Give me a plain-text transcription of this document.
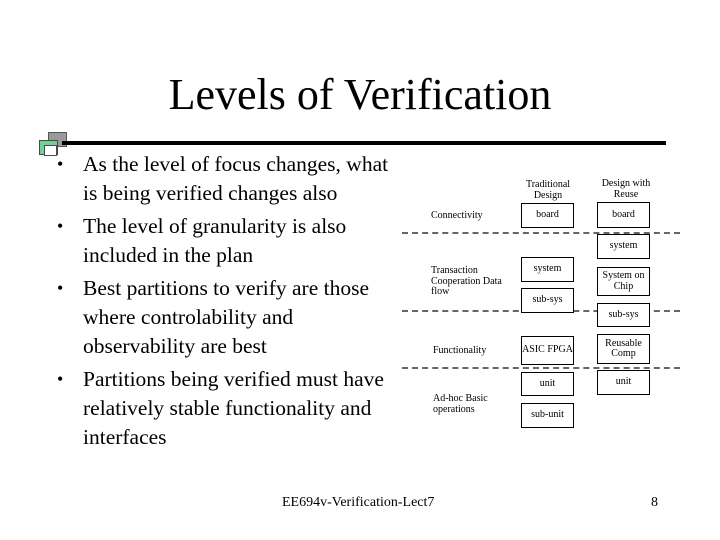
Levels of Verification
• As the level of focus changes, what is being verified changes also
• The level of granularity is also included in the plan
• Best partitions to verify are those where controlability and observability are best
• Partitions being verified must have relatively stable functionality and interfaces
Traditional Design
Design with Reuse
Connectivity
Transaction Cooperation Data flow
Functionality
Ad-hoc Basic operations
board
system
sub-sys
ASIC FPGA
unit
sub-unit
board
system
System on Chip
sub-sys
Reusable Comp
unit
EE694v-Verification-Lect7	8
